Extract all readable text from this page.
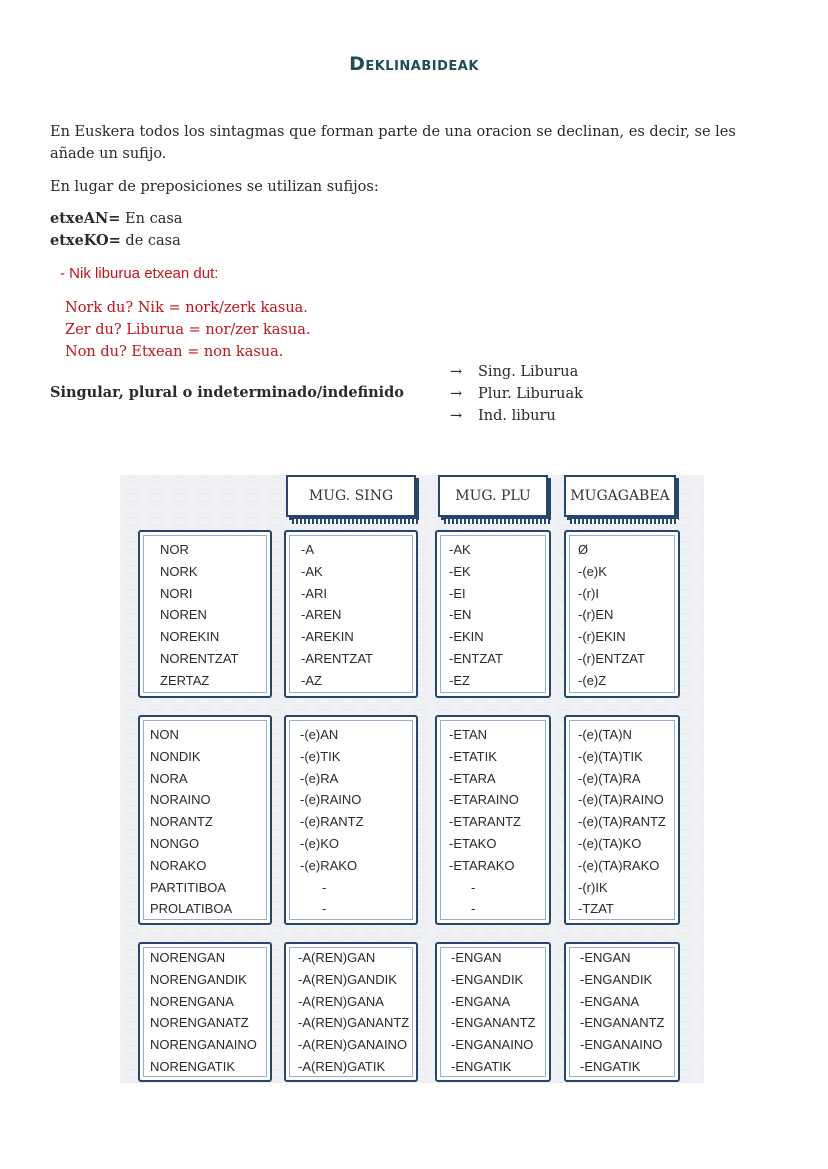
Deklinabideak
En Euskera todos los sintagmas que forman parte de una oracion se declinan, es decir, se les añade un sufijo.
En lugar de preposiciones se utilizan sufijos:
etxeAN= En casa
etxeKO= de casa
- Nik liburua etxean dut:
Nork du? Nik = nork/zerk kasua.
Zer du? Liburua = nor/zer kasua.
Non du? Etxean = non kasua.
Singular, plural o indeterminado/indefinido
→ Sing. Liburua
→ Plur. Liburuak
→ Ind. liburu
MUG. SING	MUG. PLU	MUGAGABEA
NOR
NORK
NORI
NOREN
NOREKIN
NORENTZAT
ZERTAZ
-A
-AK
-ARI
-AREN
-AREKIN
-ARENTZAT
-AZ
-AK
-EK
-EI
-EN
-EKIN
-ENTZAT
-EZ
Ø
-(e)K
-(r)I
-(r)EN
-(r)EKIN
-(r)ENTZAT
-(e)Z
NON
NONDIK
NORA
NORAINO
NORANTZ
NONGO
NORAKO
PARTITIBOA
PROLATIBOA
-(e)AN
-(e)TIK
-(e)RA
-(e)RAINO
-(e)RANTZ
-(e)KO
-(e)RAKO
-
-
-ETAN
-ETATIK
-ETARA
-ETARAINO
-ETARANTZ
-ETAKO
-ETARAKO
-
-
-(e)(TA)N
-(e)(TA)TIK
-(e)(TA)RA
-(e)(TA)RAINO
-(e)(TA)RANTZ
-(e)(TA)KO
-(e)(TA)RAKO
-(r)IK
-TZAT
NORENGAN
NORENGANDIK
NORENGANA
NORENGANATZ
NORENGANAINO
NORENGATIK
-A(REN)GAN
-A(REN)GANDIK
-A(REN)GANA
-A(REN)GANANTZ
-A(REN)GANAINO
-A(REN)GATIK
-ENGAN
-ENGANDIK
-ENGANA
-ENGANANTZ
-ENGANAINO
-ENGATIK
-ENGAN
-ENGANDIK
-ENGANA
-ENGANANTZ
-ENGANAINO
-ENGATIK
